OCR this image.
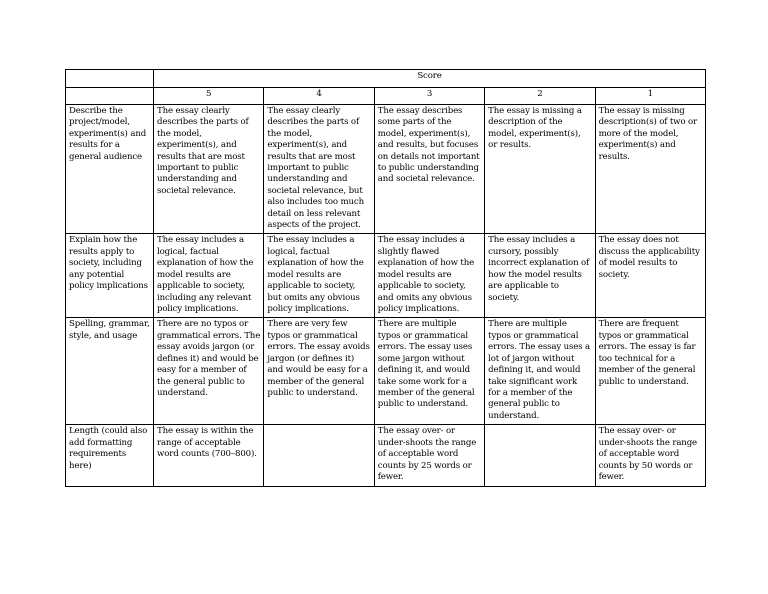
	Score				
	5	4	3	2	1
Describe the project/model, experiment(s) and results for a general audience	The essay clearly describes the parts of the model, experiment(s), and results that are most important to public understanding and societal relevance.	The essay clearly describes the parts of the model, experiment(s), and results that are most important to public understanding and societal relevance, but also includes too much detail on less relevant aspects of the project.	The essay describes some parts of the model, experiment(s), and results, but focuses on details not important to public understanding and societal relevance.	The essay is missing a description of the model, experiment(s), or results.	The essay is missing description(s) of two or more of the model, experiment(s) and results.
Explain how the results apply to society, including any potential policy implications	The essay includes a logical, factual explanation of how the model results are applicable to society, including any relevant policy implications.	The essay includes a logical, factual explanation of how the model results are applicable to society, but omits any obvious policy implications.	The essay includes a slightly flawed explanation of how the model results are applicable to society, and omits any obvious policy implications.	The essay includes a cursory, possibly incorrect explanation of how the model results are applicable to society.	The essay does not discuss the applicability of model results to society.
Spelling, grammar, style, and usage	There are no typos or grammatical errors. The essay avoids jargon (or defines it) and would be easy for a member of the general public to understand.	There are very few typos or grammatical errors. The essay avoids jargon (or defines it) and would be easy for a member of the general public to understand.	There are multiple typos or grammatical errors. The essay uses some jargon without defining it, and would take some work for a member of the general public to understand.	There are multiple typos or grammatical errors. The essay uses a lot of jargon without defining it, and would take significant work for a member of the general public to understand.	There are frequent typos or grammatical errors. The essay is far too technical for a member of the general public to understand.
Length (could also add formatting requirements here)	The essay is within the range of acceptable word counts (700–800).		The essay over- or under-shoots the range of acceptable word counts by 25 words or fewer.		The essay over- or under-shoots the range of acceptable word counts by 50 words or fewer.
